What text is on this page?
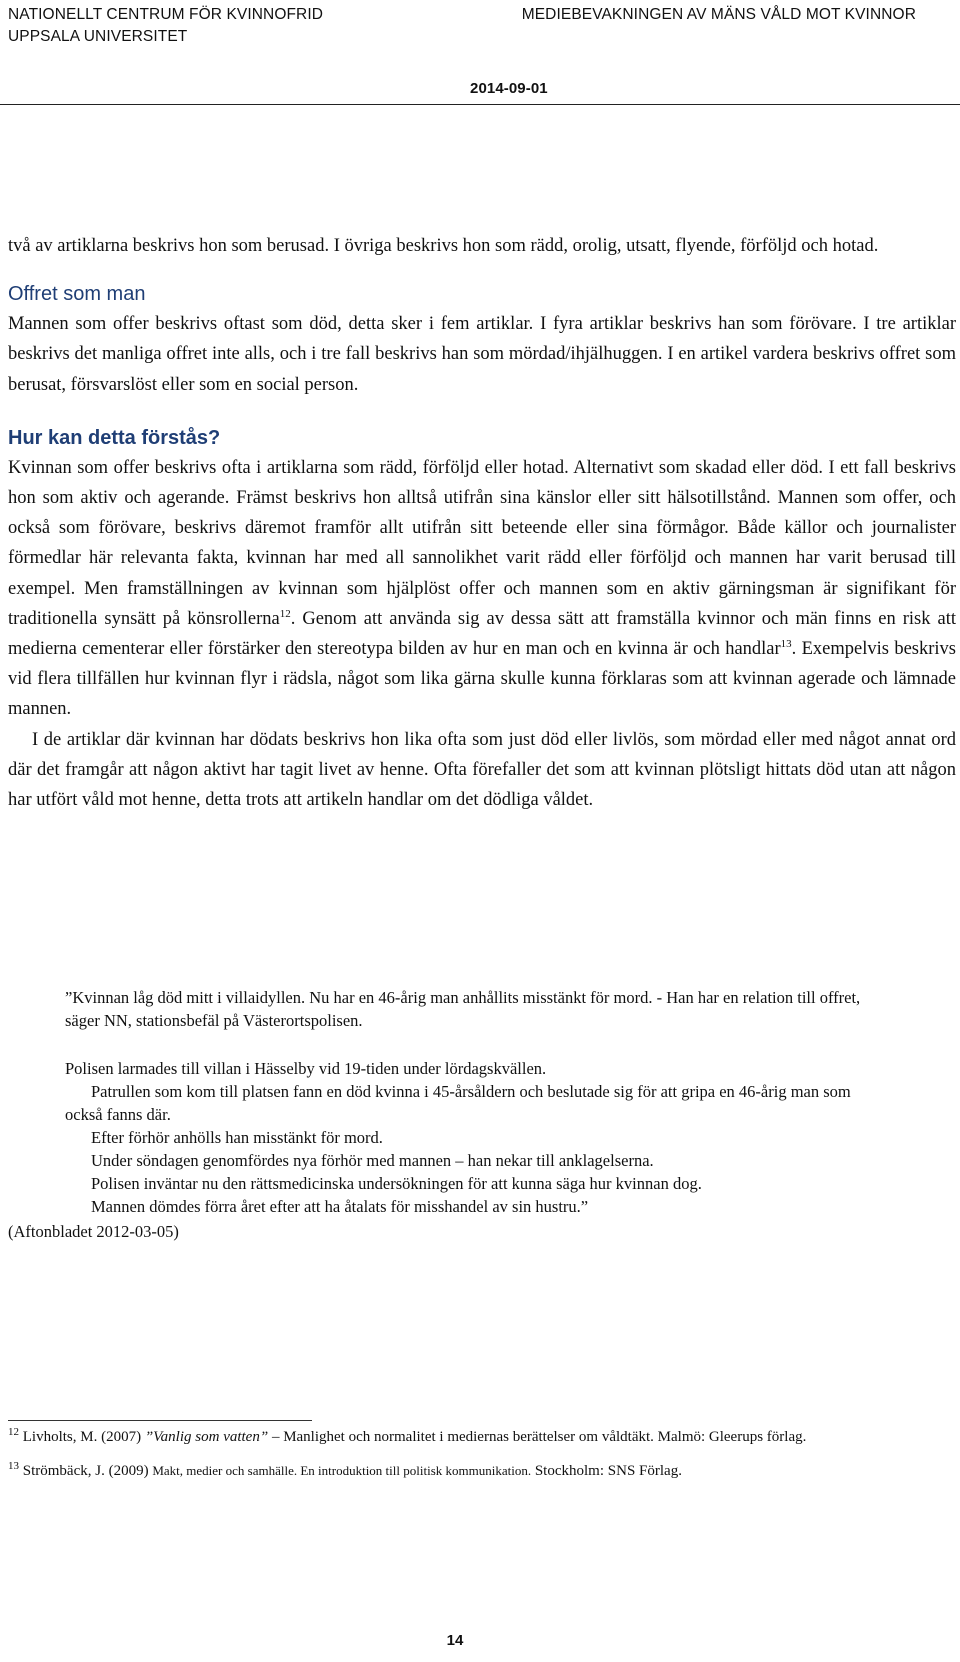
NATIONELLT CENTRUM FÖR KVINNOFRID
UPPSALA UNIVERSITET
MEDIEBEVAKNINGEN AV MÄNS VÅLD MOT KVINNOR
2014-09-01

två av artiklarna beskrivs hon som berusad. I övriga beskrivs hon som rädd, orolig, utsatt, flyende, förföljd och hotad.

Offret som man

Mannen som offer beskrivs oftast som död, detta sker i fem artiklar. I fyra artiklar beskrivs han som förövare. I tre artiklar beskrivs det manliga offret inte alls, och i tre fall beskrivs han som mördad/ihjälhuggen. I en artikel vardera beskrivs offret som berusat, försvarslöst eller som en social person.

Hur kan detta förstås?

Kvinnan som offer beskrivs ofta i artiklarna som rädd, förföljd eller hotad. Alternativt som skadad eller död. I ett fall beskrivs hon som aktiv och agerande. Främst beskrivs hon alltså utifrån sina känslor eller sitt hälsotillstånd. Mannen som offer, och också som förövare, beskrivs däremot framför allt utifrån sitt beteende eller sina förmågor. Både källor och journalister förmedlar här relevanta fakta, kvinnan har med all sannolikhet varit rädd eller förföljd och mannen har varit berusad till exempel. Men framställningen av kvinnan som hjälplöst offer och mannen som en aktiv gärningsman är signifikant för traditionella synsätt på könsrollerna$^{12}$. Genom att använda sig av dessa sätt att framställa kvinnor och män finns en risk att medierna cementerar eller förstärker den stereotypa bilden av hur en man och en kvinna är och handlar$^{13}$. Exempelvis beskrivs vid flera tillfällen hur kvinnan flyr i rädsla, något som lika gärna skulle kunna förklaras som att kvinnan agerade och lämnade mannen.

I de artiklar där kvinnan har dödats beskrivs hon lika ofta som just död eller livlös, som mördad eller med något annat ord där det framgår att någon aktivt har tagit livet av henne. Ofta förefaller det som att kvinnan plötsligt hittats död utan att någon har utfört våld mot henne, detta trots att artikeln handlar om det dödliga våldet.

”Kvinnan låg död mitt i villaidyllen. Nu har en 46-årig man anhållits misstänkt för mord. - Han har en relation till offret, säger NN, stationsbefäl på Västerortspolisen.

Polisen larmades till villan i Hässelby vid 19-tiden under lördagskvällen.

Patrullen som kom till platsen fann en död kvinna i 45-årsåldern och beslutade sig för att gripa en 46-årig man som också fanns där.

Efter förhör anhölls han misstänkt för mord.

Under söndagen genomfördes nya förhör med mannen – han nekar till anklagelserna.

Polisen inväntar nu den rättsmedicinska undersökningen för att kunna säga hur kvinnan dog.

Mannen dömdes förra året efter att ha åtalats för misshandel av sin hustru.”

(Aftonbladet 2012-03-05)

$^{12}$ Livholts, M. (2007) ”Vanlig som vatten” – Manlighet och normalitet i mediernas berättelser om våldtäkt. Malmö: Gleerups förlag.

$^{13}$ Strömbäck, J. (2009) Makt, medier och samhälle. En introduktion till politisk kommunikation. Stockholm: SNS Förlag.

14
